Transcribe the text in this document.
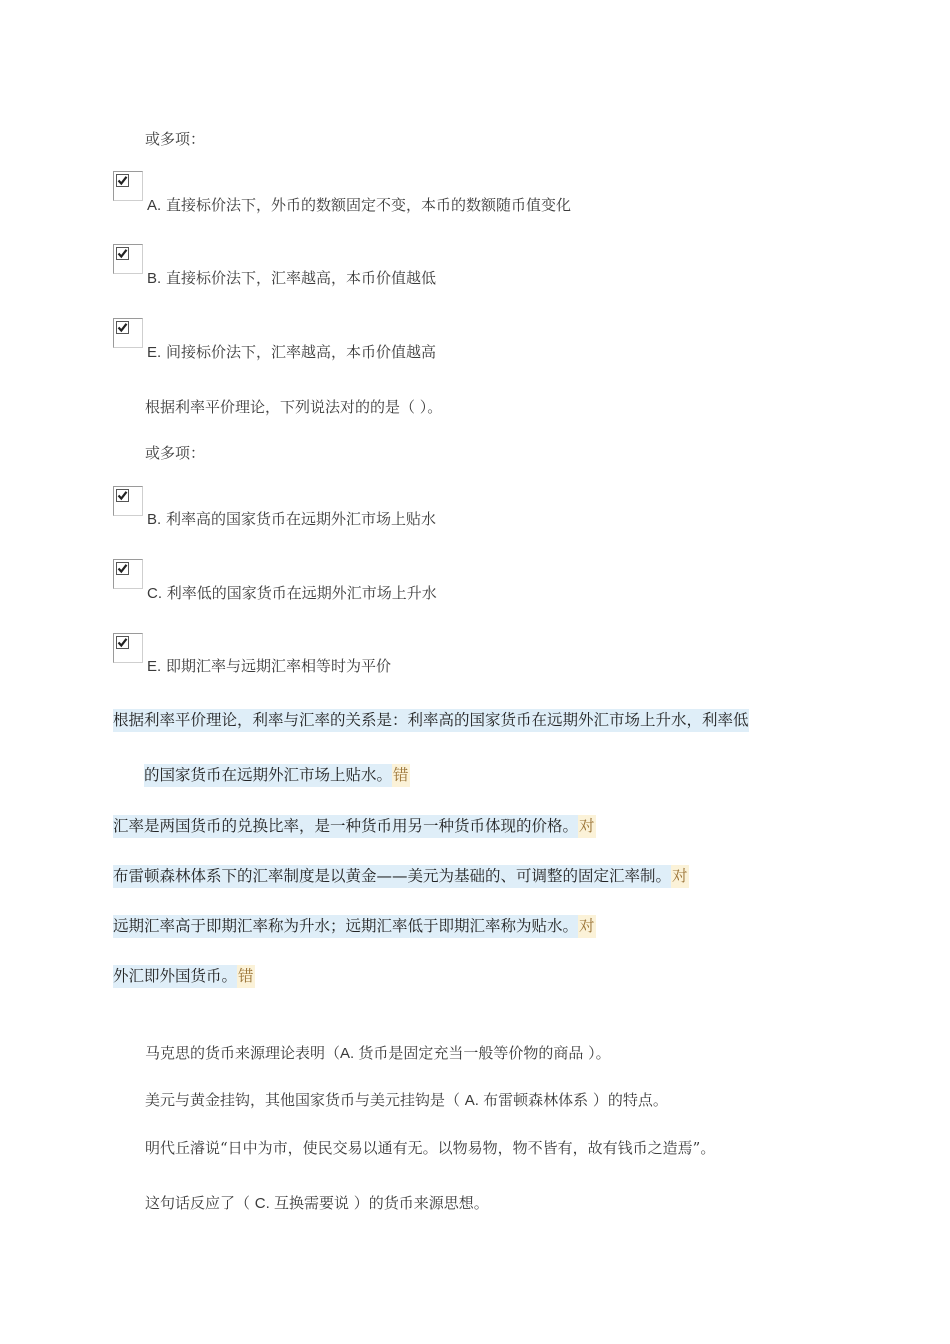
或多项：
A. 直接标价法下，外币的数额固定不变，本币的数额随币值变化
B. 直接标价法下，汇率越高，本币价值越低
E. 间接标价法下，汇率越高，本币价值越高
根据利率平价理论，下列说法对的的是（ ）。
或多项：
B. 利率高的国家货币在远期外汇市场上贴水
C. 利率低的国家货币在远期外汇市场上升水
E. 即期汇率与远期汇率相等时为平价
根据利率平价理论，利率与汇率的关系是：利率高的国家货币在远期外汇市场上升水，利率低
的国家货币在远期外汇市场上贴水。错
汇率是两国货币的兑换比率，是一种货币用另一种货币体现的价格。对
布雷顿森林体系下的汇率制度是以黄金——美元为基础的、可调整的固定汇率制。对
远期汇率高于即期汇率称为升水；远期汇率低于即期汇率称为贴水。对
外汇即外国货币。错
马克思的货币来源理论表明（A. 货币是固定充当一般等价物的商品 ）。
美元与黄金挂钩，其他国家货币与美元挂钩是（ A. 布雷顿森林体系 ）的特点。
明代丘濬说“日中为市，使民交易以通有无。以物易物，物不皆有，故有钱币之造焉”。
这句话反应了（ C. 互换需要说 ）的货币来源思想。
